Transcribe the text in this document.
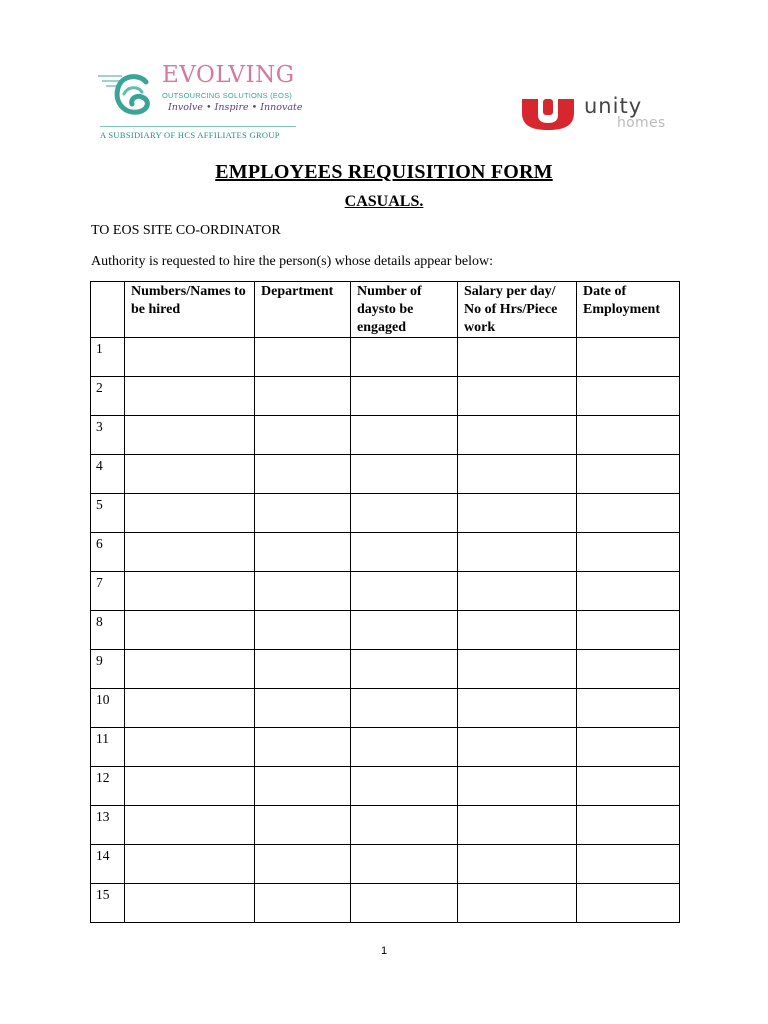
EVOLVING
OUTSOURCING SOLUTIONS (EOS)
Involve • Inspire • Innovate
A SUBSIDIARY OF HCS AFFILIATES GROUP
unity
homes
EMPLOYEES REQUISITION FORM
CASUALS.
TO EOS SITE CO-ORDINATOR
Authority is requested to hire the person(s) whose details appear below:
	Numbers/Names to be hired	Department	Number of daysto be engaged	Salary per day/ No of Hrs/Piece work	Date of Employment
1					
2					
3					
4					
5					
6					
7					
8					
9					
10					
11					
12					
13					
14					
15					
1
